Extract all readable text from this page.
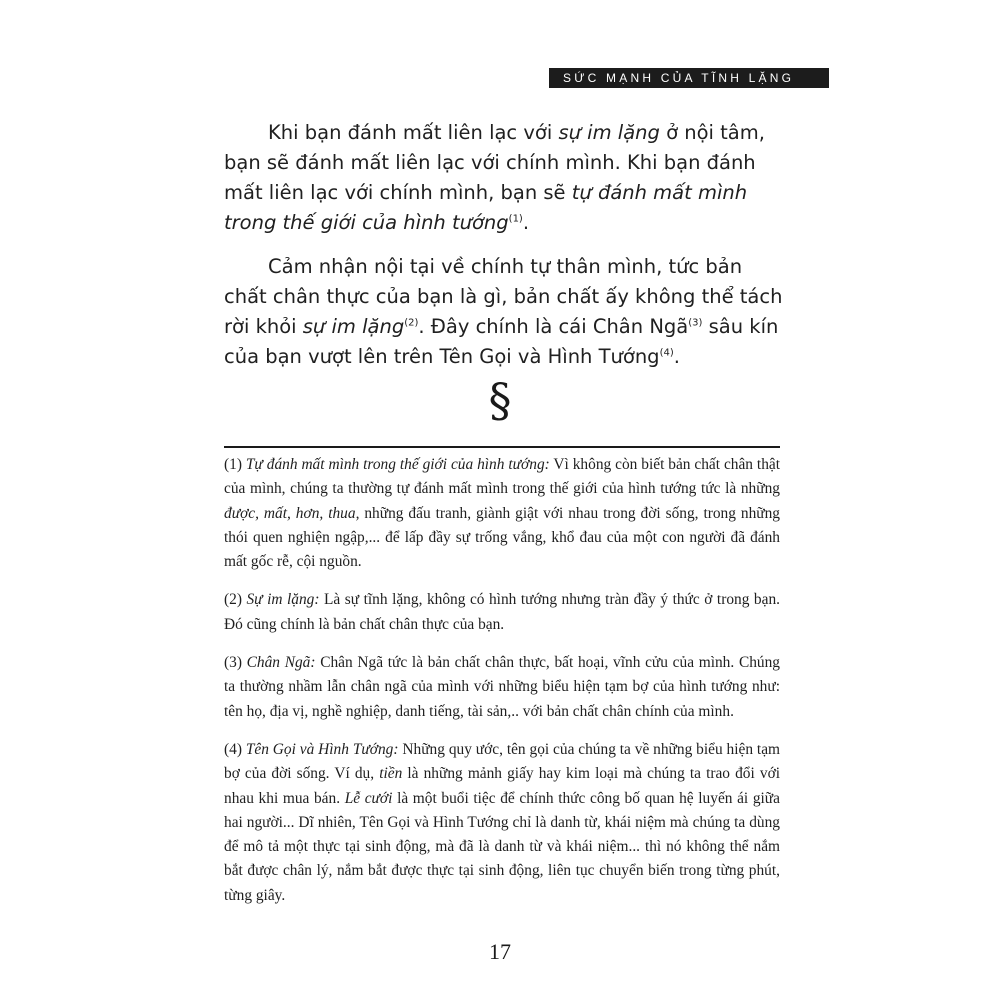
SỨC MẠNH CỦA TĨNH LẶNG

Khi bạn đánh mất liên lạc với sự im lặng ở nội tâm,
bạn sẽ đánh mất liên lạc với chính mình. Khi bạn đánh
mất liên lạc với chính mình, bạn sẽ tự đánh mất mình
trong thế giới của hình tướng$^{(1)}$.

Cảm nhận nội tại về chính tự thân mình, tức bản
chất chân thực của bạn là gì, bản chất ấy không thể tách
rời khỏi sự im lặng$^{(2)}$. Đây chính là cái Chân Ngã$^{(3)}$ sâu kín
của bạn vượt lên trên Tên Gọi và Hình Tướng$^{(4)}$.

§

(1) Tự đánh mất mình trong thế giới của hình tướng: Vì không còn biết bản chất chân thật của mình, chúng ta thường tự đánh mất mình trong thế giới của hình tướng tức là những được, mất, hơn, thua, những đấu tranh, giành giật với nhau trong đời sống, trong những thói quen nghiện ngập,... để lấp đầy sự trống vắng, khổ đau của một con người đã đánh mất gốc rễ, cội nguồn.

(2) Sự im lặng: Là sự tĩnh lặng, không có hình tướng nhưng tràn đầy ý thức ở trong bạn. Đó cũng chính là bản chất chân thực của bạn.

(3) Chân Ngã: Chân Ngã tức là bản chất chân thực, bất hoại, vĩnh cửu của mình. Chúng ta thường nhầm lẫn chân ngã của mình với những biểu hiện tạm bợ của hình tướng như: tên họ, địa vị, nghề nghiệp, danh tiếng, tài sản,.. với bản chất chân chính của mình.

(4) Tên Gọi và Hình Tướng: Những quy ước, tên gọi của chúng ta về những biểu hiện tạm bợ của đời sống. Ví dụ, tiền là những mảnh giấy hay kim loại mà chúng ta trao đổi với nhau khi mua bán. Lễ cưới là một buổi tiệc để chính thức công bố quan hệ luyến ái giữa hai người... Dĩ nhiên, Tên Gọi và Hình Tướng chỉ là danh từ, khái niệm mà chúng ta dùng để mô tả một thực tại sinh động, mà đã là danh từ và khái niệm... thì nó không thể nắm bắt được chân lý, nắm bắt được thực tại sinh động, liên tục chuyển biến trong từng phút, từng giây.

17
